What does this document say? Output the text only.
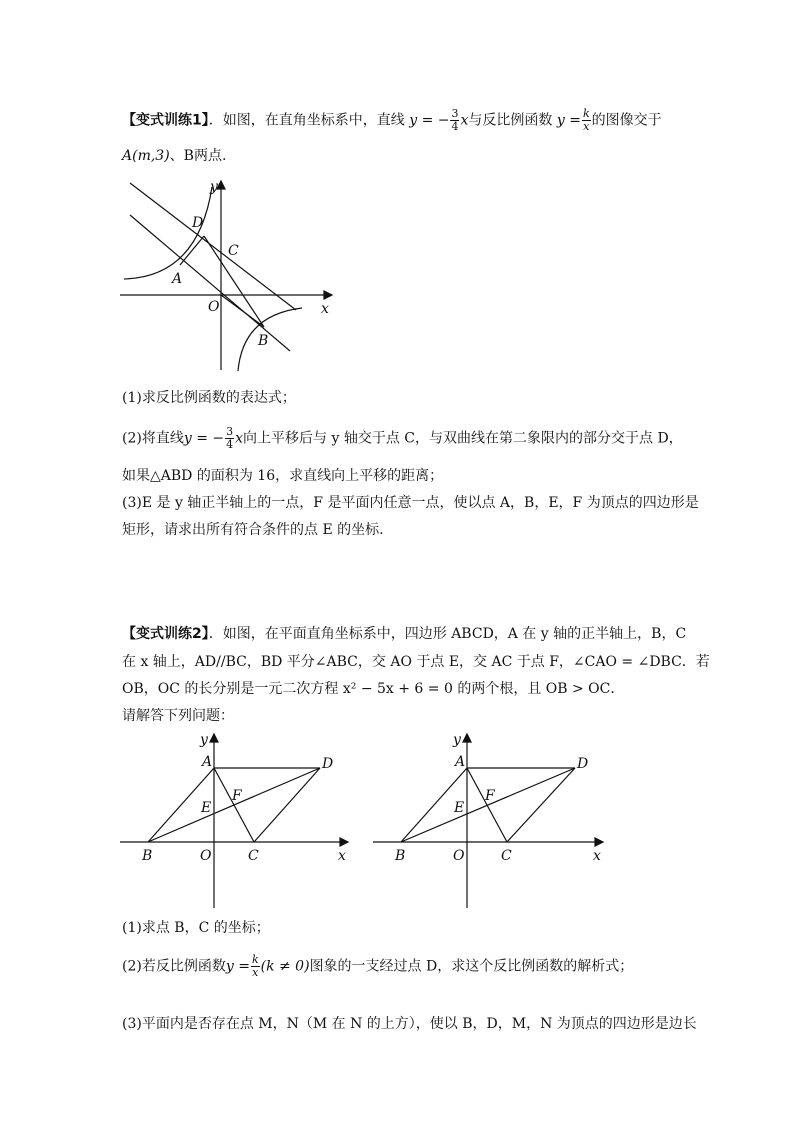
【变式训练1】．如图，在直角坐标系中，直线 y = − $\frac{3}{4}$ x与反比例函数 $y = \frac{k}{x}$ 的图像交于
A(m,3)、B两点.
y
x
O
A
B
C
D
(1)求反比例函数的表达式；
(2)将直线y = − $\frac{3}{4}$ x向上平移后与 y 轴交于点 C，与双曲线在第二象限内的部分交于点 D，
如果△ABD 的面积为 16，求直线向上平移的距离；
(3)E 是 y 轴正半轴上的一点，F 是平面内任意一点，使以点 A，B，E，F 为顶点的四边形是
矩形，请求出所有符合条件的点 E 的坐标.
【变式训练2】．如图，在平面直角坐标系中，四边形 ABCD，A 在 y 轴的正半轴上，B，C
在 x 轴上，AD//BC，BD 平分∠ABC，交 AO 于点 E，交 AC 于点 F，∠CAO = ∠DBC．若
OB，OC 的长分别是一元二次方程 x² − 5x + 6 = 0 的两个根，且 OB > OC．
请解答下列问题：
y
x
A	D
E
F
B	O	C
y
x
A	D
E
F
B	O	C
(1)求点 B，C 的坐标；
(2)若反比例函数$y = \frac{k}{x} (k \ne 0)$图象的一支经过点 D，求这个反比例函数的解析式；
(3)平面内是否存在点 M，N（M 在 N 的上方），使以 B，D，M，N 为顶点的四边形是边长
